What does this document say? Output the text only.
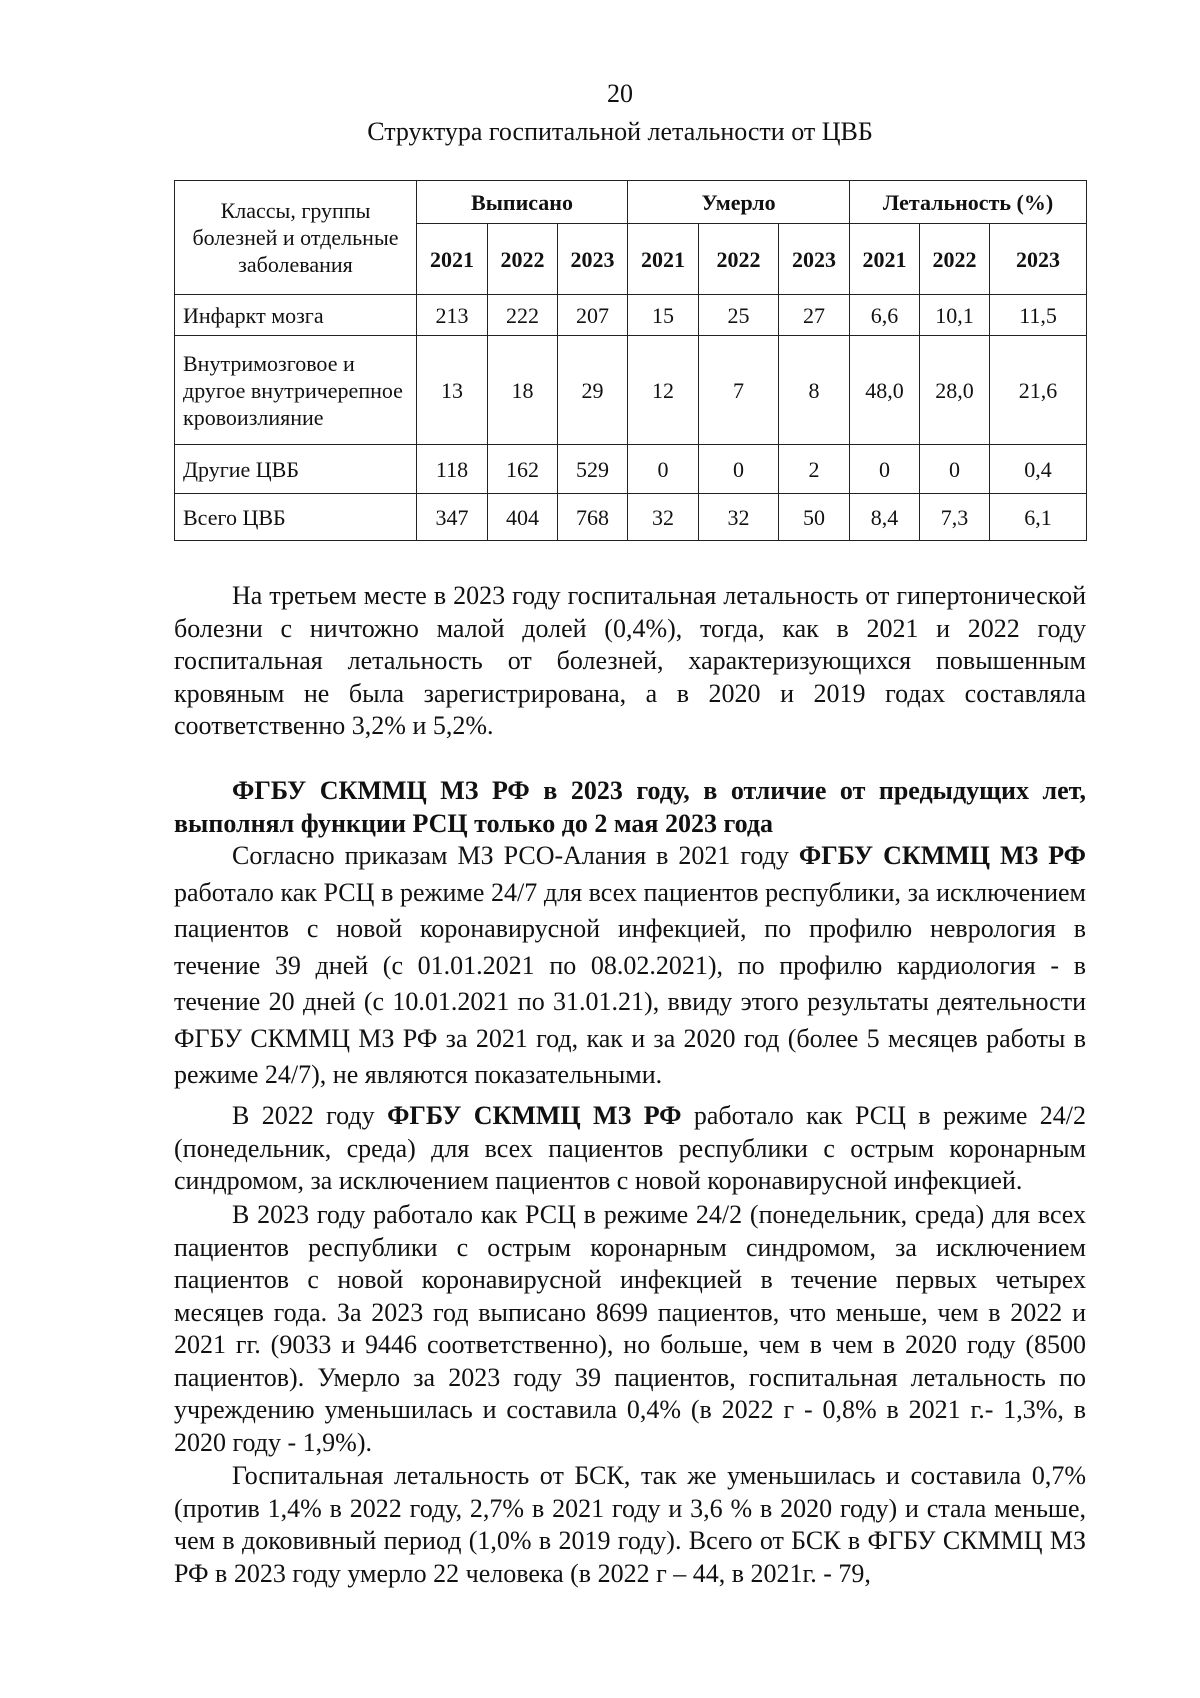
20
Структура госпитальной летальности от ЦВБ
Классы, группы болезней и отдельные заболевания	Выписано			Умерло			Летальность (%)		
	2021	2022	2023	2021	2022	2023	2021	2022	2023
Инфаркт мозга	213	222	207	15	25	27	6,6	10,1	11,5
Внутримозговое и другое внутричерепное кровоизлияние	13	18	29	12	7	8	48,0	28,0	21,6
Другие ЦВБ	118	162	529	0	0	2	0	0	0,4
Всего ЦВБ	347	404	768	32	32	50	8,4	7,3	6,1

На третьем месте в 2023 году госпитальная летальность от гипертонической болезни с ничтожно малой долей (0,4%), тогда, как в 2021 и 2022 году госпитальная летальность от болезней, характеризующихся повышенным кровяным не была зарегистрирована, а в 2020 и 2019 годах составляла соответственно 3,2% и 5,2%.

ФГБУ СКММЦ МЗ РФ в 2023 году, в отличие от предыдущих лет, выполнял функции РСЦ только до 2 мая 2023 года

Согласно приказам МЗ РСО-Алания в 2021 году ФГБУ СКММЦ МЗ РФ работало как РСЦ в режиме 24/7 для всех пациентов республики, за исключением пациентов с новой коронавирусной инфекцией, по профилю неврология в течение 39 дней (с 01.01.2021 по 08.02.2021), по профилю кардиология - в течение 20 дней (с 10.01.2021 по 31.01.21), ввиду этого результаты деятельности ФГБУ СКММЦ МЗ РФ за 2021 год, как и за 2020 год (более 5 месяцев работы в режиме 24/7), не являются показательными.

В 2022 году ФГБУ СКММЦ МЗ РФ работало как РСЦ в режиме 24/2 (понедельник, среда) для всех пациентов республики с острым коронарным синдромом, за исключением пациентов с новой коронавирусной инфекцией.

В 2023 году работало как РСЦ в режиме 24/2 (понедельник, среда) для всех пациентов республики с острым коронарным синдромом, за исключением пациентов с новой коронавирусной инфекцией в течение первых четырех месяцев года. За 2023 год выписано 8699 пациентов, что меньше, чем в 2022 и 2021 гг. (9033 и 9446 соответственно), но больше, чем в чем в 2020 году (8500 пациентов). Умерло за 2023 году 39 пациентов, госпитальная летальность по учреждению уменьшилась и составила 0,4% (в 2022 г - 0,8% в 2021 г.- 1,3%, в 2020 году - 1,9%).

Госпитальная летальность от БСК, так же уменьшилась и составила 0,7% (против 1,4% в 2022 году, 2,7% в 2021 году и 3,6 % в 2020 году) и стала меньше, чем в доковивный период (1,0% в 2019 году). Всего от БСК в ФГБУ СКММЦ МЗ РФ в 2023 году умерло 22 человека (в 2022 г – 44, в 2021г. - 79,
